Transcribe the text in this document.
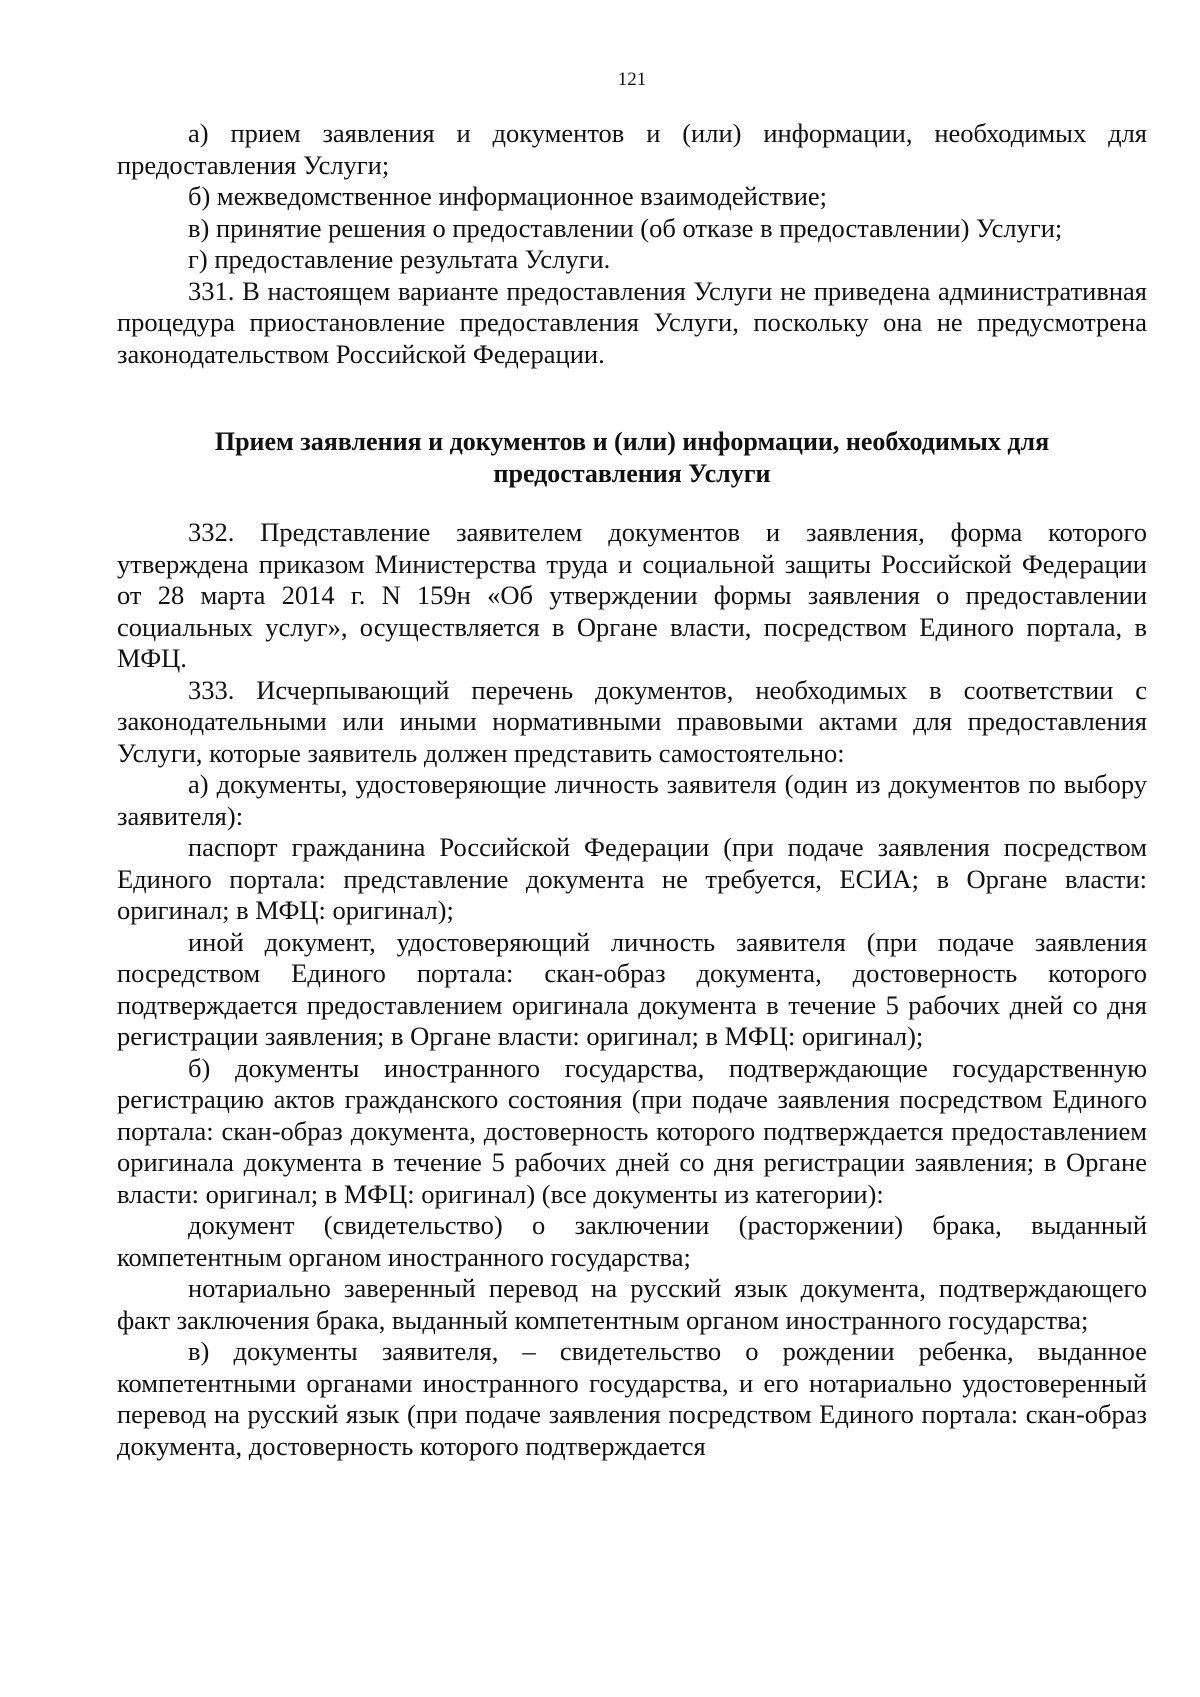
121

а) прием заявления и документов и (или) информации, необходимых для предоставления Услуги;

б) межведомственное информационное взаимодействие;

в) принятие решения о предоставлении (об отказе в предоставлении) Услуги;

г) предоставление результата Услуги.

331. В настоящем варианте предоставления Услуги не приведена административная процедура приостановление предоставления Услуги, поскольку она не предусмотрена законодательством Российской Федерации.

Прием заявления и документов и (или) информации, необходимых для предоставления Услуги

332. Представление заявителем документов и заявления, форма которого утверждена приказом Министерства труда и социальной защиты Российской Федерации от 28 марта 2014 г. N 159н «Об утверждении формы заявления о предоставлении социальных услуг», осуществляется в Органе власти, посредством Единого портала, в МФЦ.

333. Исчерпывающий перечень документов, необходимых в соответствии с законодательными или иными нормативными правовыми актами для предоставления Услуги, которые заявитель должен представить самостоятельно:

а) документы, удостоверяющие личность заявителя (один из документов по выбору заявителя):

паспорт гражданина Российской Федерации (при подаче заявления посредством Единого портала: представление документа не требуется, ЕСИА; в Органе власти: оригинал; в МФЦ: оригинал);

иной документ, удостоверяющий личность заявителя (при подаче заявления посредством Единого портала: скан-образ документа, достоверность которого подтверждается предоставлением оригинала документа в течение 5 рабочих дней со дня регистрации заявления; в Органе власти: оригинал; в МФЦ: оригинал);

б) документы иностранного государства, подтверждающие государственную регистрацию актов гражданского состояния (при подаче заявления посредством Единого портала: скан-образ документа, достоверность которого подтверждается предоставлением оригинала документа в течение 5 рабочих дней со дня регистрации заявления; в Органе власти: оригинал; в МФЦ: оригинал) (все документы из категории):

документ (свидетельство) о заключении (расторжении) брака, выданный компетентным органом иностранного государства;

нотариально заверенный перевод на русский язык документа, подтверждающего факт заключения брака, выданный компетентным органом иностранного государства;

в) документы заявителя, – свидетельство о рождении ребенка, выданное компетентными органами иностранного государства, и его нотариально удостоверенный перевод на русский язык (при подаче заявления посредством Единого портала: скан-образ документа, достоверность которого подтверждается
